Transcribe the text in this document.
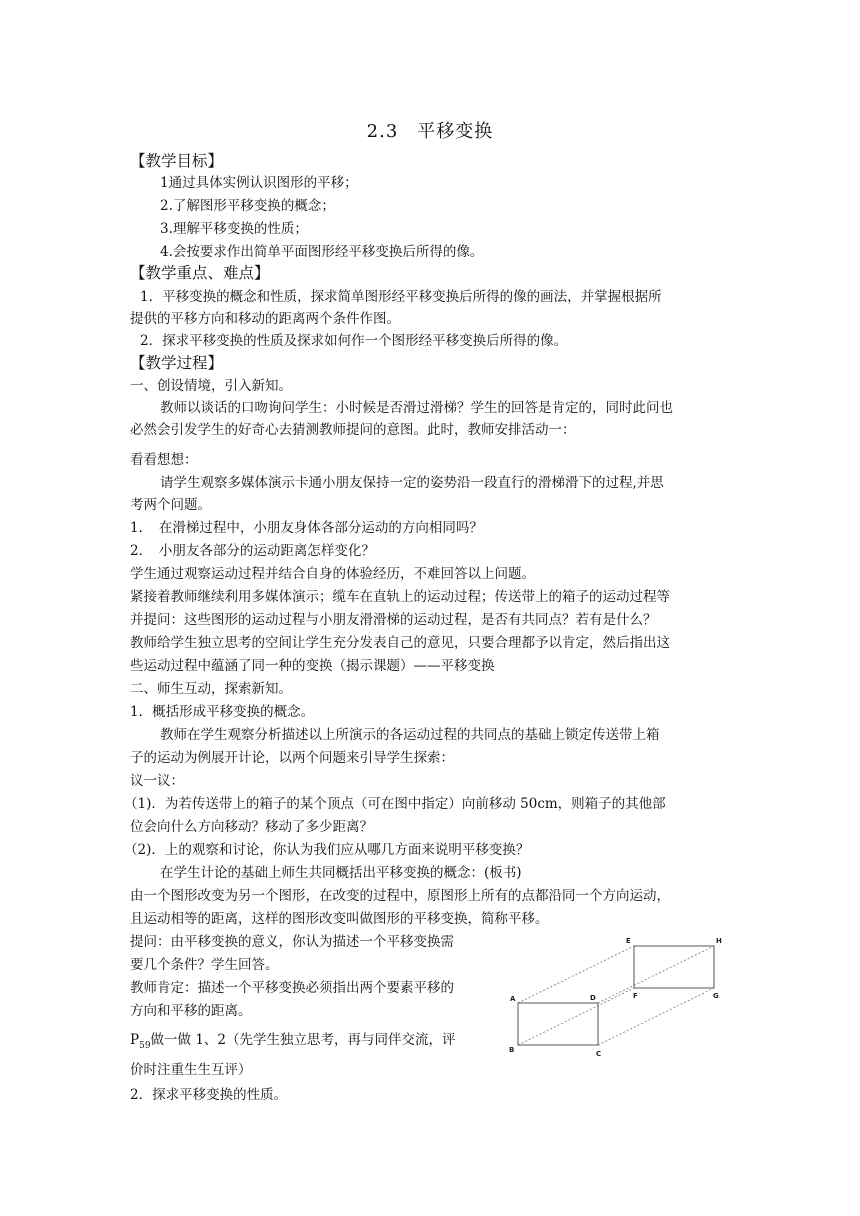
2.3　平移变换
【教学目标】
1通过具体实例认识图形的平移；
2.了解图形平移变换的概念；
3.理解平移变换的性质；
4.会按要求作出简单平面图形经平移变换后所得的像。
【教学重点、难点】
1．平移变换的概念和性质，探求简单图形经平移变换后所得的像的画法，并掌握根据所
提供的平移方向和移动的距离两个条件作图。
2．探求平移变换的性质及探求如何作一个图形经平移变换后所得的像。
【教学过程】
一、创设情境，引入新知。
教师以谈话的口吻询问学生：小时候是否滑过滑梯？学生的回答是肯定的，同时此问也
必然会引发学生的好奇心去猜测教师提问的意图。此时，教师安排活动一：
看看想想：
请学生观察多媒体演示卡通小朋友保持一定的姿势沿一段直行的滑梯滑下的过程,并思
考两个问题。
1．　在滑梯过程中，小朋友身体各部分运动的方向相同吗？
2．　小朋友各部分的运动距离怎样变化？
学生通过观察运动过程并结合自身的体验经历，不难回答以上问题。
紧接着教师继续利用多媒体演示；缆车在直轨上的运动过程；传送带上的箱子的运动过程等
并提问：这些图形的运动过程与小朋友滑滑梯的运动过程，是否有共同点？若有是什么？
教师给学生独立思考的空间让学生充分发表自己的意见，只要合理都予以肯定，然后指出这
些运动过程中蕴涵了同一种的变换（揭示课题）——平移变换
二、师生互动，探索新知。
1．概括形成平移变换的概念。
教师在学生观察分析描述以上所演示的各运动过程的共同点的基础上锁定传送带上箱
子的运动为例展开计论，以两个问题来引导学生探索：
议一议：
（1)．为若传送带上的箱子的某个顶点（可在图中指定）向前移动 50cm，则箱子的其他部
位会向什么方向移动？移动了多少距离？
（2)．上的观察和讨论，你认为我们应从哪几方面来说明平移变换？
在学生计论的基础上师生共同概括出平移变换的概念：(板书)
由一个图形改变为另一个图形，在改变的过程中，原图形上所有的点都沿同一个方向运动，
且运动相等的距离，这样的图形改变叫做图形的平移变换，简称平移。
提问：由平移变换的意义，你认为描述一个平移变换需
要几个条件？学生回答。
教师肯定：描述一个平移变换必须指出两个要素平移的
方向和平移的距离。
$P_{59}$做一做 1、2（先学生独立思考，再与同伴交流，评
价时注重生生互评）
2．探求平移变换的性质。
A
B	C
D
E
F	G
H
